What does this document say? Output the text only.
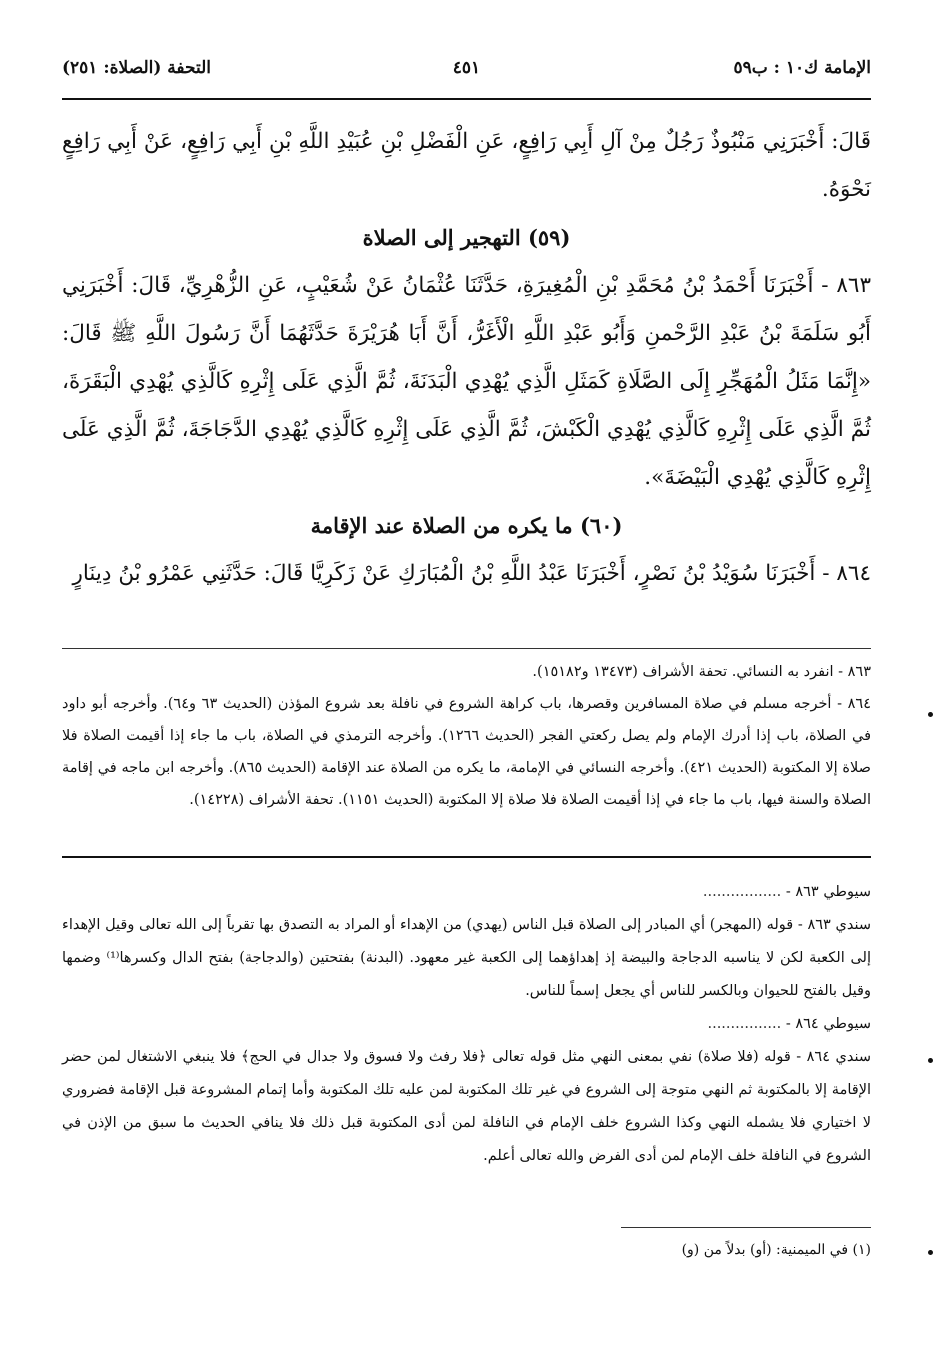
الإمامة ك١٠ : ب٥٩
٤٥١
التحفة (الصلاة: ٢٥١)

قَالَ: أَخْبَرَنِي مَنْبُوذٌ رَجُلٌ مِنْ آلِ أَبِي رَافِعٍ، عَنِ الْفَضْلِ بْنِ عُبَيْدِ اللَّهِ بْنِ أَبِي رَافِعٍ، عَنْ أَبِي رَافِعٍ نَحْوَهُ.

(٥٩) التهجير إلى الصلاة

٨٦٣ - أَخْبَرَنَا أَحْمَدُ بْنُ مُحَمَّدِ بْنِ الْمُغِيرَةِ، حَدَّثَنَا عُثْمَانُ عَنْ شُعَيْبٍ، عَنِ الزُّهْرِيِّ، قَالَ: أَخْبَرَنِي أَبُو سَلَمَةَ بْنُ عَبْدِ الرَّحْمنِ وَأَبُو عَبْدِ اللَّهِ الْأَغَرُّ، أَنَّ أَبَا هُرَيْرَةَ حَدَّثَهُمَا أَنَّ رَسُولَ اللَّهِ ﷺ قَالَ: «إِنَّمَا مَثَلُ الْمُهَجِّرِ إِلَى الصَّلَاةِ كَمَثَلِ الَّذِي يُهْدِي الْبَدَنَةَ، ثُمَّ الَّذِي عَلَى إِثْرِهِ كَالَّذِي يُهْدِي الْبَقَرَةَ، ثُمَّ الَّذِي عَلَى إِثْرِهِ كَالَّذِي يُهْدِي الْكَبْشَ، ثُمَّ الَّذِي عَلَى إِثْرِهِ كَالَّذِي يُهْدِي الدَّجَاجَةَ، ثُمَّ الَّذِي عَلَى إِثْرِهِ كَالَّذِي يُهْدِي الْبَيْضَةَ».

(٦٠) ما يكره من الصلاة عند الإقامة

٨٦٤ - أَخْبَرَنَا سُوَيْدُ بْنُ نَصْرٍ، أَخْبَرَنَا عَبْدُ اللَّهِ بْنُ الْمُبَارَكِ عَنْ زَكَرِيَّا قَالَ: حَدَّثَنِي عَمْرُو بْنُ دِينَارٍ

٨٦٣ - انفرد به النسائي. تحفة الأشراف (١٣٤٧٣ و١٥١٨٢).

٨٦٤ - أخرجه مسلم في صلاة المسافرين وقصرها، باب كراهة الشروع في نافلة بعد شروع المؤذن (الحديث ٦٣ و٦٤). وأخرجه أبو داود في الصلاة، باب إذا أدرك الإمام ولم يصل ركعتي الفجر (الحديث ١٢٦٦). وأخرجه الترمذي في الصلاة، باب ما جاء إذا أقيمت الصلاة فلا صلاة إلا المكتوبة (الحديث ٤٢١). وأخرجه النسائي في الإمامة، ما يكره من الصلاة عند الإقامة (الحديث ٨٦٥). وأخرجه ابن ماجه في إقامة الصلاة والسنة فيها، باب ما جاء في إذا أقيمت الصلاة فلا صلاة إلا المكتوبة (الحديث ١١٥١). تحفة الأشراف (١٤٢٢٨).

سيوطي ٨٦٣ - .................

سندي ٨٦٣ - قوله (المهجر) أي المبادر إلى الصلاة قبل الناس (يهدي) من الإهداء أو المراد به التصدق بها تقرباً إلى الله تعالى وقيل الإهداء إلى الكعبة لكن لا يناسبه الدجاجة والبيضة إذ إهداؤهما إلى الكعبة غير معهود. (البدنة) بفتحتين (والدجاجة) بفتح الدال وكسرها⁽¹⁾ وضمها وقيل بالفتح للحيوان وبالكسر للناس أي يجعل إسماً للناس.

سيوطي ٨٦٤ - ................

سندي ٨٦٤ - قوله (فلا صلاة) نفي بمعنى النهي مثل قوله تعالى ﴿فلا رفث ولا فسوق ولا جدال في الحج﴾ فلا ينبغي الاشتغال لمن حضر الإقامة إلا بالمكتوبة ثم النهي متوجة إلى الشروع في غير تلك المكتوبة لمن عليه تلك المكتوبة وأما إتمام المشروعة قبل الإقامة فضروري لا اختياري فلا يشمله النهي وكذا الشروع خلف الإمام في النافلة لمن أدى المكتوبة قبل ذلك فلا ينافي الحديث ما سبق من الإذن في الشروع في النافلة خلف الإمام لمن أدى الفرض والله تعالى أعلم.

(١) في الميمنية: (أو) بدلاً من (و)
